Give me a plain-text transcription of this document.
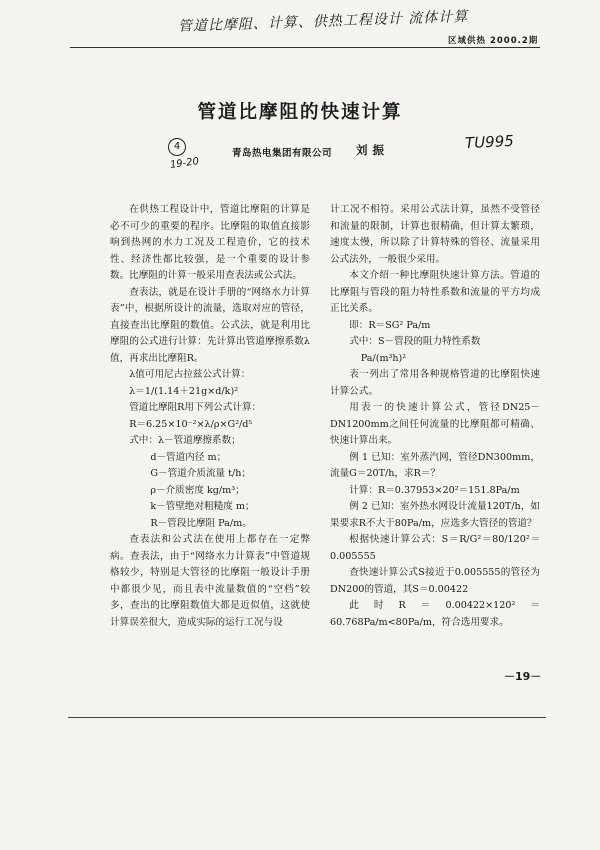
管道比摩阻、计算、供热工程设计 流体计算
区域供热 2000.2期
管道比摩阻的快速计算
TU995
4
19-20
青岛热电集团有限公司 刘振

在供热工程设计中，管道比摩阻的计算是必不可少的重要的程序。比摩阻的取值直接影响到热网的水力工况及工程造价，它的技术性、经济性都比较强，是一个重要的设计参数。比摩阻的计算一般采用查表法或公式法。

查表法，就是在设计手册的“网络水力计算表”中，根据所设计的流量，选取对应的管径，直接查出比摩阻的数值。公式法，就是利用比摩阻的公式进行计算：先计算出管道摩擦系数λ值，再求出比摩阻R。

λ值可用尼古拉兹公式计算：

λ＝1/(1.14＋21g×d/k)²

管道比摩阻R用下列公式计算：

R＝6.25×10⁻²×λ/ρ×G²/d⁵

式中：λ－管道摩擦系数；

d－管道内径 m；

G－管道介质流量 t/h；

ρ－介质密度 kg/m³；

k－管壁绝对粗糙度 m；

R－管段比摩阻 Pa/m。

查表法和公式法在使用上都存在一定弊病。查表法，由于“网络水力计算表”中管道规格较少，特别是大管径的比摩阻一般设计手册中都很少见，而且表中流量数值的“空档”较多，查出的比摩阻数值大都是近似值，这就使计算误差很大，造成实际的运行工况与设

计工况不相符。采用公式法计算，虽然不受管径和流量的限制，计算也很精确，但计算太繁琐，速度太慢，所以除了计算特殊的管径、流量采用公式法外，一般很少采用。

本文介绍一种比摩阻快速计算方法。管道的比摩阻与管段的阻力特性系数和流量的平方均成正比关系。

即：R＝SG² Pa/m

式中：S－管段的阻力特性系数

Pa/(m³h)²

表一列出了常用各种规格管道的比摩阻快速计算公式。

用表一的快速计算公式，管径DN25－DN1200mm之间任何流量的比摩阻都可精确、快速计算出来。

例 1 已知：室外蒸汽网，管径DN300mm，流量G＝20T/h，求R＝？

计算：R＝0.37953×20²＝151.8Pa/m

例 2 已知：室外热水网设计流量120T/h，如果要求R不大于80Pa/m，应选多大管径的管道？

根据快速计算公式：S＝R/G²＝80/120²＝0.005555

查快速计算公式S接近于0.005555的管径为DN200的管道，其S＝0.00422

此时R＝0.00422×120²＝60.768Pa/m<80Pa/m，符合选用要求。

－19－
